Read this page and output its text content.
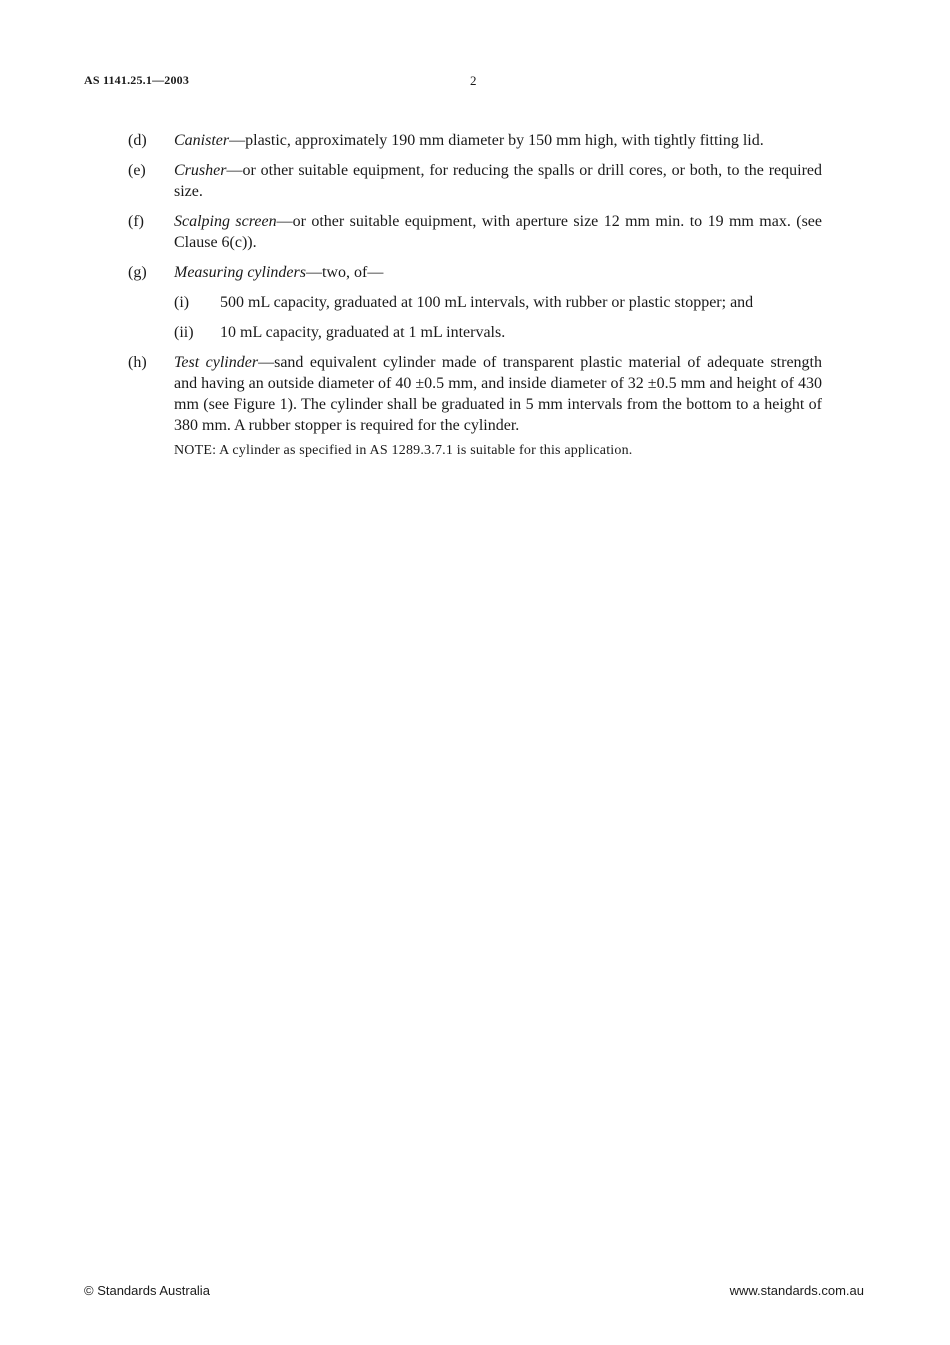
AS 1141.25.1—2003	2
(d)	Canister—plastic, approximately 190 mm diameter by 150 mm high, with tightly fitting lid.
(e)	Crusher—or other suitable equipment, for reducing the spalls or drill cores, or both, to the required size.
(f)	Scalping screen—or other suitable equipment, with aperture size 12 mm min. to 19 mm max. (see Clause 6(c)).
(g)	Measuring cylinders—two, of—
(i)	500 mL capacity, graduated at 100 mL intervals, with rubber or plastic stopper; and
(ii)	10 mL capacity, graduated at 1 mL intervals.
(h)	Test cylinder—sand equivalent cylinder made of transparent plastic material of adequate strength and having an outside diameter of 40 ±0.5 mm, and inside diameter of 32 ±0.5 mm and height of 430 mm (see Figure 1). The cylinder shall be graduated in 5 mm intervals from the bottom to a height of 380 mm. A rubber stopper is required for the cylinder.
NOTE: A cylinder as specified in AS 1289.3.7.1 is suitable for this application.
© Standards Australia	www.standards.com.au
